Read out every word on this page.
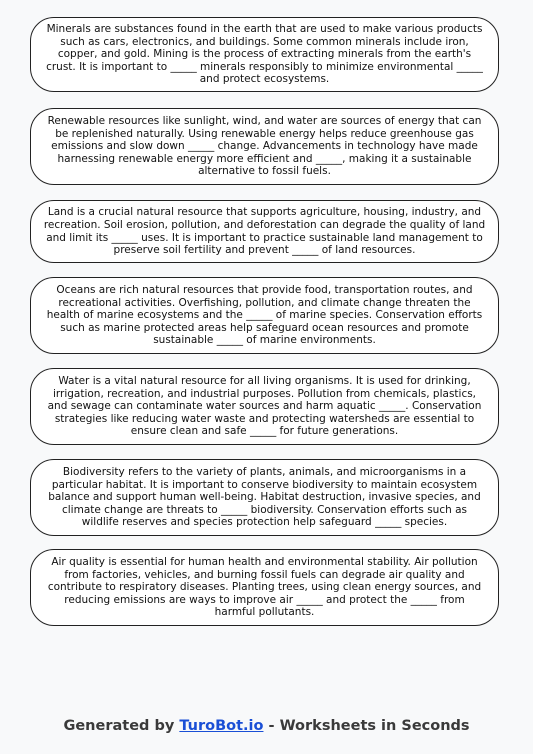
Minerals are substances found in the earth that are used to make various products such as cars, electronics, and buildings. Some common minerals include iron, copper, and gold. Mining is the process of extracting minerals from the earth's crust. It is important to _____ minerals responsibly to minimize environmental _____ and protect ecosystems.
Renewable resources like sunlight, wind, and water are sources of energy that can be replenished naturally. Using renewable energy helps reduce greenhouse gas emissions and slow down _____ change. Advancements in technology have made harnessing renewable energy more efficient and _____, making it a sustainable alternative to fossil fuels.
Land is a crucial natural resource that supports agriculture, housing, industry, and recreation. Soil erosion, pollution, and deforestation can degrade the quality of land and limit its _____ uses. It is important to practice sustainable land management to preserve soil fertility and prevent _____ of land resources.
Oceans are rich natural resources that provide food, transportation routes, and recreational activities. Overfishing, pollution, and climate change threaten the health of marine ecosystems and the _____ of marine species. Conservation efforts such as marine protected areas help safeguard ocean resources and promote sustainable _____ of marine environments.
Water is a vital natural resource for all living organisms. It is used for drinking, irrigation, recreation, and industrial purposes. Pollution from chemicals, plastics, and sewage can contaminate water sources and harm aquatic _____. Conservation strategies like reducing water waste and protecting watersheds are essential to ensure clean and safe _____ for future generations.
Biodiversity refers to the variety of plants, animals, and microorganisms in a particular habitat. It is important to conserve biodiversity to maintain ecosystem balance and support human well-being. Habitat destruction, invasive species, and climate change are threats to _____ biodiversity. Conservation efforts such as wildlife reserves and species protection help safeguard _____ species.
Air quality is essential for human health and environmental stability. Air pollution from factories, vehicles, and burning fossil fuels can degrade air quality and contribute to respiratory diseases. Planting trees, using clean energy sources, and reducing emissions are ways to improve air _____ and protect the _____ from harmful pollutants.
Generated by TuroBot.io - Worksheets in Seconds
